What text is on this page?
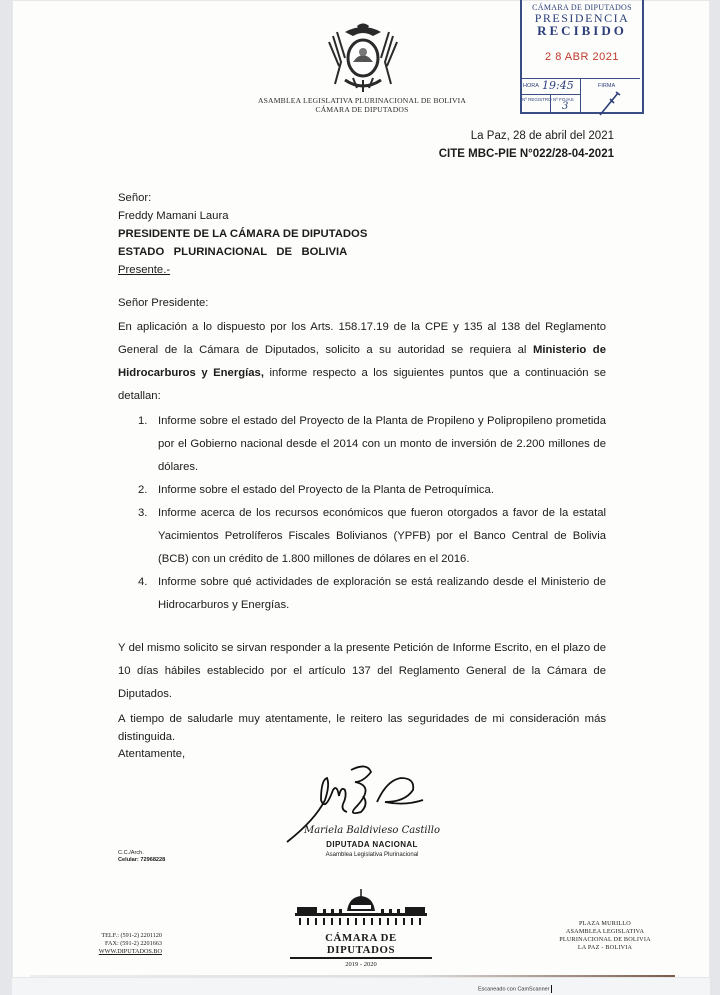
CÁMARA DE DIPUTADOS
PRESIDENCIA
RECIBIDO
2 8 ABR 2021
HORA 19:45	FIRMA
Nº REGISTRO Nº FOJAS
3
ASAMBLEA LEGISLATIVA PLURINACIONAL DE BOLIVIA
CÁMARA DE DIPUTADOS
La Paz, 28 de abril del 2021
CITE MBC-PIE N°022/28-04-2021
Señor:
Freddy Mamani Laura
PRESIDENTE DE LA CÁMARA DE DIPUTADOS
ESTADO   PLURINACIONAL   DE   BOLIVIA
Presente.-
Señor Presidente:
En aplicación a lo dispuesto por los Arts. 158.17.19 de la CPE y 135 al 138 del Reglamento General de la Cámara de Diputados, solicito a su autoridad se requiera al Ministerio de Hidrocarburos y Energías, informe respecto a los siguientes puntos que a continuación se detallan:
1. Informe sobre el estado del Proyecto de la Planta de Propileno y Polipropileno prometida por el Gobierno nacional desde el 2014 con un monto de inversión de 2.200 millones de dólares.
2. Informe sobre el estado del Proyecto de la Planta de Petroquímica.
3. Informe acerca de los recursos económicos que fueron otorgados a favor de la estatal Yacimientos Petrolíferos Fiscales Bolivianos (YPFB) por el Banco Central de Bolivia (BCB) con un crédito de 1.800 millones de dólares en el 2016.
4. Informe sobre qué actividades de exploración se está realizando desde el Ministerio de Hidrocarburos y Energías.
Y del mismo solicito se sirvan responder a la presente Petición de Informe Escrito, en el plazo de 10 días hábiles establecido por el artículo 137 del Reglamento General de la Cámara de Diputados.
A tiempo de saludarle muy atentamente, le reitero las seguridades de mi consideración más distinguida.
Atentamente,
Mariela Baldivieso Castillo
DIPUTADA NACIONAL
Asamblea Legislativa Plurinacional
C.C./Arch.
Celular: 72968228
TELF.: (591-2) 2201120
FAX: (591-2) 2201663
WWW.DIPUTADOS.BO
CÁMARA DE DIPUTADOS
2019 - 2020
PLAZA MURILLO
ASAMBLEA LEGISLATIVA
PLURINACIONAL DE BOLIVIA
LA PAZ - BOLIVIA
Escaneado con CamScanner
